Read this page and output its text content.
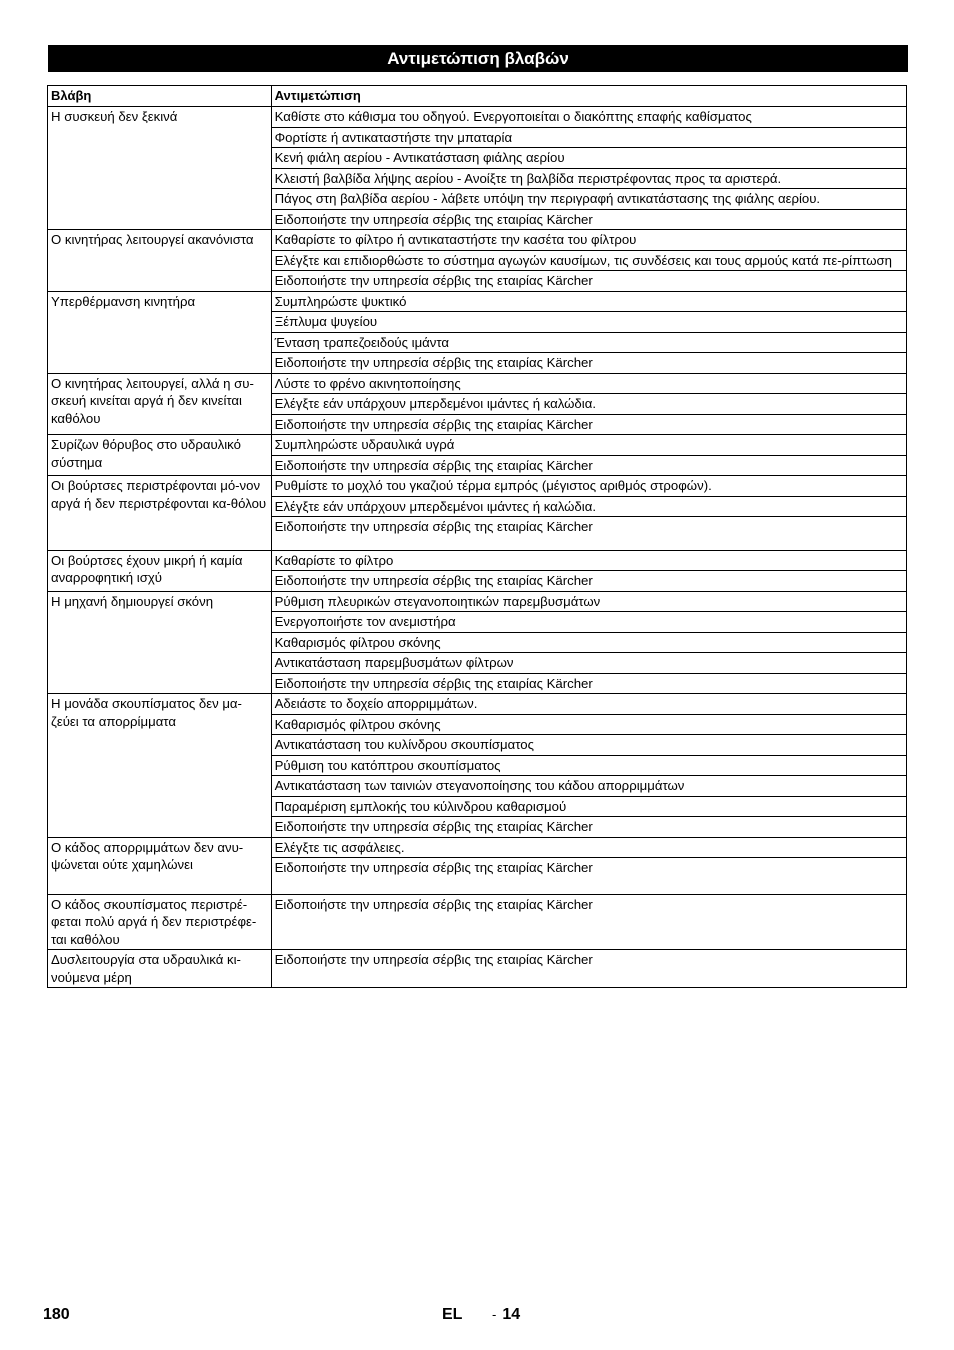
Αντιμετώπιση βλαβών
Βλάβη	Αντιμετώπιση
Η συσκευή δεν ξεκινά	Καθίστε στο κάθισμα του οδηγού. Ενεργοποιείται ο διακόπτης επαφής καθίσματος
	Φορτίστε ή αντικαταστήστε την μπαταρία
	Κενή φιάλη αερίου - Αντικατάσταση φιάλης αερίου
	Κλειστή βαλβίδα λήψης αερίου - Ανοίξτε τη βαλβίδα περιστρέφοντας προς τα αριστερά.
	Πάγος στη βαλβίδα αερίου - λάβετε υπόψη την περιγραφή αντικατάστασης της φιάλης αερίου.
	Ειδοποιήστε την υπηρεσία σέρβις της εταιρίας Kärcher
Ο κινητήρας λειτουργεί ακανόνιστα	Καθαρίστε το φίλτρο ή αντικαταστήστε την κασέτα του φίλτρου
	Ελέγξτε και επιδιορθώστε το σύστημα αγωγών καυσίμων, τις συνδέσεις και τους αρμούς κατά πε-ρίπτωση
	Ειδοποιήστε την υπηρεσία σέρβις της εταιρίας Kärcher
Υπερθέρμανση κινητήρα	Συμπληρώστε ψυκτικό
	Ξέπλυμα ψυγείου
	Ένταση τραπεζοειδούς ιμάντα
	Ειδοποιήστε την υπηρεσία σέρβις της εταιρίας Kärcher
Ο κινητήρας λειτουργεί, αλλά η συ-σκευή κινείται αργά ή δεν κινείται καθόλου	Λύστε το φρένο ακινητοποίησης
	Ελέγξτε εάν υπάρχουν μπερδεμένοι ιμάντες ή καλώδια.
	Ειδοποιήστε την υπηρεσία σέρβις της εταιρίας Kärcher
Συρίζων θόρυβος στο υδραυλικό σύστημα	Συμπληρώστε υδραυλικά υγρά
	Ειδοποιήστε την υπηρεσία σέρβις της εταιρίας Kärcher
Οι βούρτσες περιστρέφονται μό-νον αργά ή δεν περιστρέφονται κα-θόλου	Ρυθμίστε το μοχλό του γκαζιού τέρμα εμπρός (μέγιστος αριθμός στροφών).
	Ελέγξτε εάν υπάρχουν μπερδεμένοι ιμάντες ή καλώδια.
	Ειδοποιήστε την υπηρεσία σέρβις της εταιρίας Kärcher
Οι βούρτσες έχουν μικρή ή καμία αναρροφητική ισχύ	Καθαρίστε το φίλτρο
	Ειδοποιήστε την υπηρεσία σέρβις της εταιρίας Kärcher
Η μηχανή δημιουργεί σκόνη	Ρύθμιση πλευρικών στεγανοποιητικών παρεμβυσμάτων
	Ενεργοποιήστε τον ανεμιστήρα
	Καθαρισμός φίλτρου σκόνης
	Αντικατάσταση παρεμβυσμάτων φίλτρων
	Ειδοποιήστε την υπηρεσία σέρβις της εταιρίας Kärcher
Η μονάδα σκουπίσματος δεν μα-ζεύει τα απορρίμματα	Αδειάστε το δοχείο απορριμμάτων.
	Καθαρισμός φίλτρου σκόνης
	Αντικατάσταση του κυλίνδρου σκουπίσματος
	Ρύθμιση του κατόπτρου σκουπίσματος
	Αντικατάσταση των ταινιών στεγανοποίησης του κάδου απορριμμάτων
	Παραμέριση εμπλοκής του κύλινδρου καθαρισμού
	Ειδοποιήστε την υπηρεσία σέρβις της εταιρίας Kärcher
Ο κάδος απορριμμάτων δεν ανυ-ψώνεται ούτε χαμηλώνει	Ελέγξτε τις ασφάλειες.
	Ειδοποιήστε την υπηρεσία σέρβις της εταιρίας Kärcher
Ο κάδος σκουπίσματος περιστρέ-φεται πολύ αργά ή δεν περιστρέφε-ται καθόλου	Ειδοποιήστε την υπηρεσία σέρβις της εταιρίας Kärcher
Δυσλειτουργία στα υδραυλικά κι-νούμενα μέρη	Ειδοποιήστε την υπηρεσία σέρβις της εταιρίας Kärcher
180	EL - 14
